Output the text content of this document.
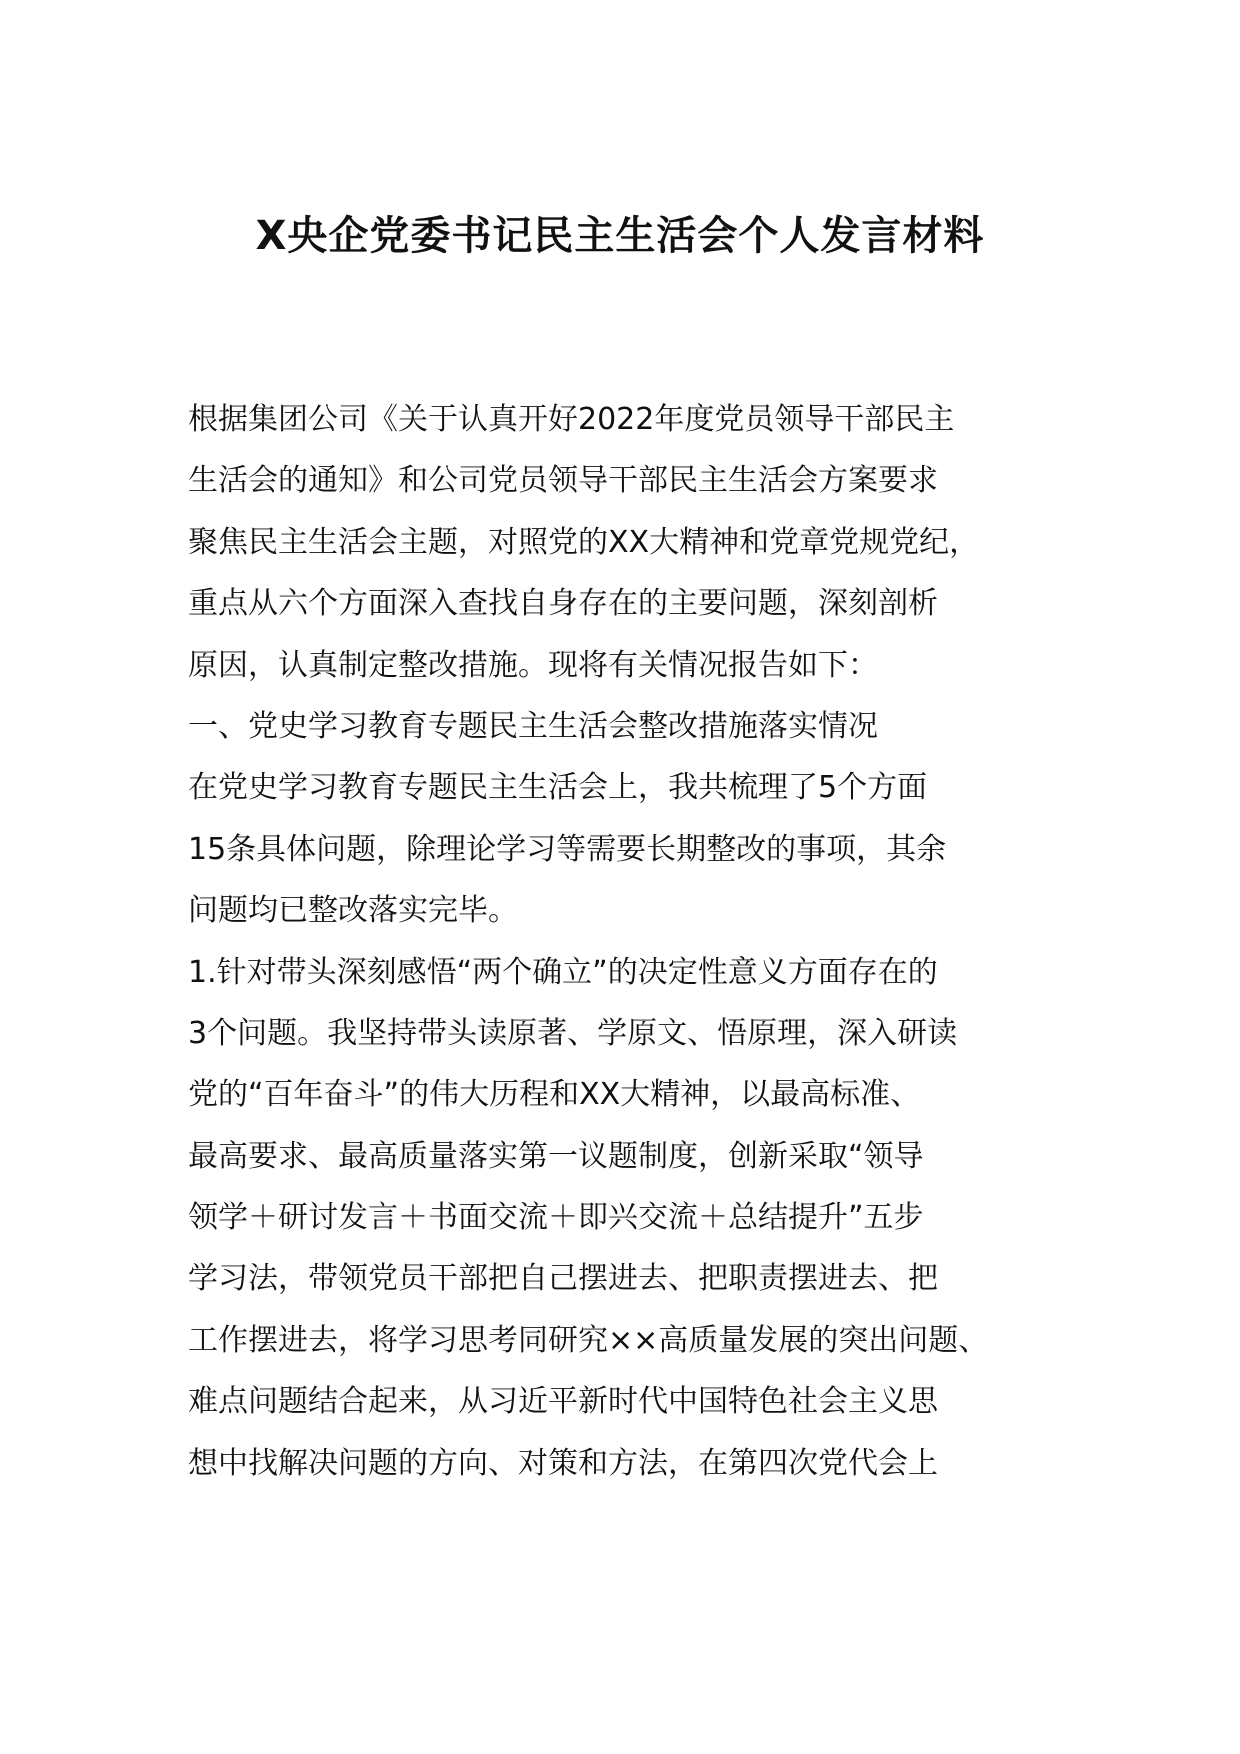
X央企党委书记民主生活会个人发言材料
根据集团公司《关于认真开好2022年度党员领导干部民主
生活会的通知》和公司党员领导干部民主生活会方案要求
聚焦民主生活会主题，对照党的XX大精神和党章党规党纪，
重点从六个方面深入查找自身存在的主要问题，深刻剖析
原因，认真制定整改措施。现将有关情况报告如下：
一、党史学习教育专题民主生活会整改措施落实情况
在党史学习教育专题民主生活会上，我共梳理了5个方面
15条具体问题，除理论学习等需要长期整改的事项，其余
问题均已整改落实完毕。
1.针对带头深刻感悟“两个确立”的决定性意义方面存在的
3个问题。我坚持带头读原著、学原文、悟原理，深入研读
党的“百年奋斗”的伟大历程和XX大精神，以最高标准、
最高要求、最高质量落实第一议题制度，创新采取“领导
领学＋研讨发言＋书面交流＋即兴交流＋总结提升”五步
学习法，带领党员干部把自己摆进去、把职责摆进去、把
工作摆进去，将学习思考同研究××高质量发展的突出问题、
难点问题结合起来，从习近平新时代中国特色社会主义思
想中找解决问题的方向、对策和方法，在第四次党代会上
